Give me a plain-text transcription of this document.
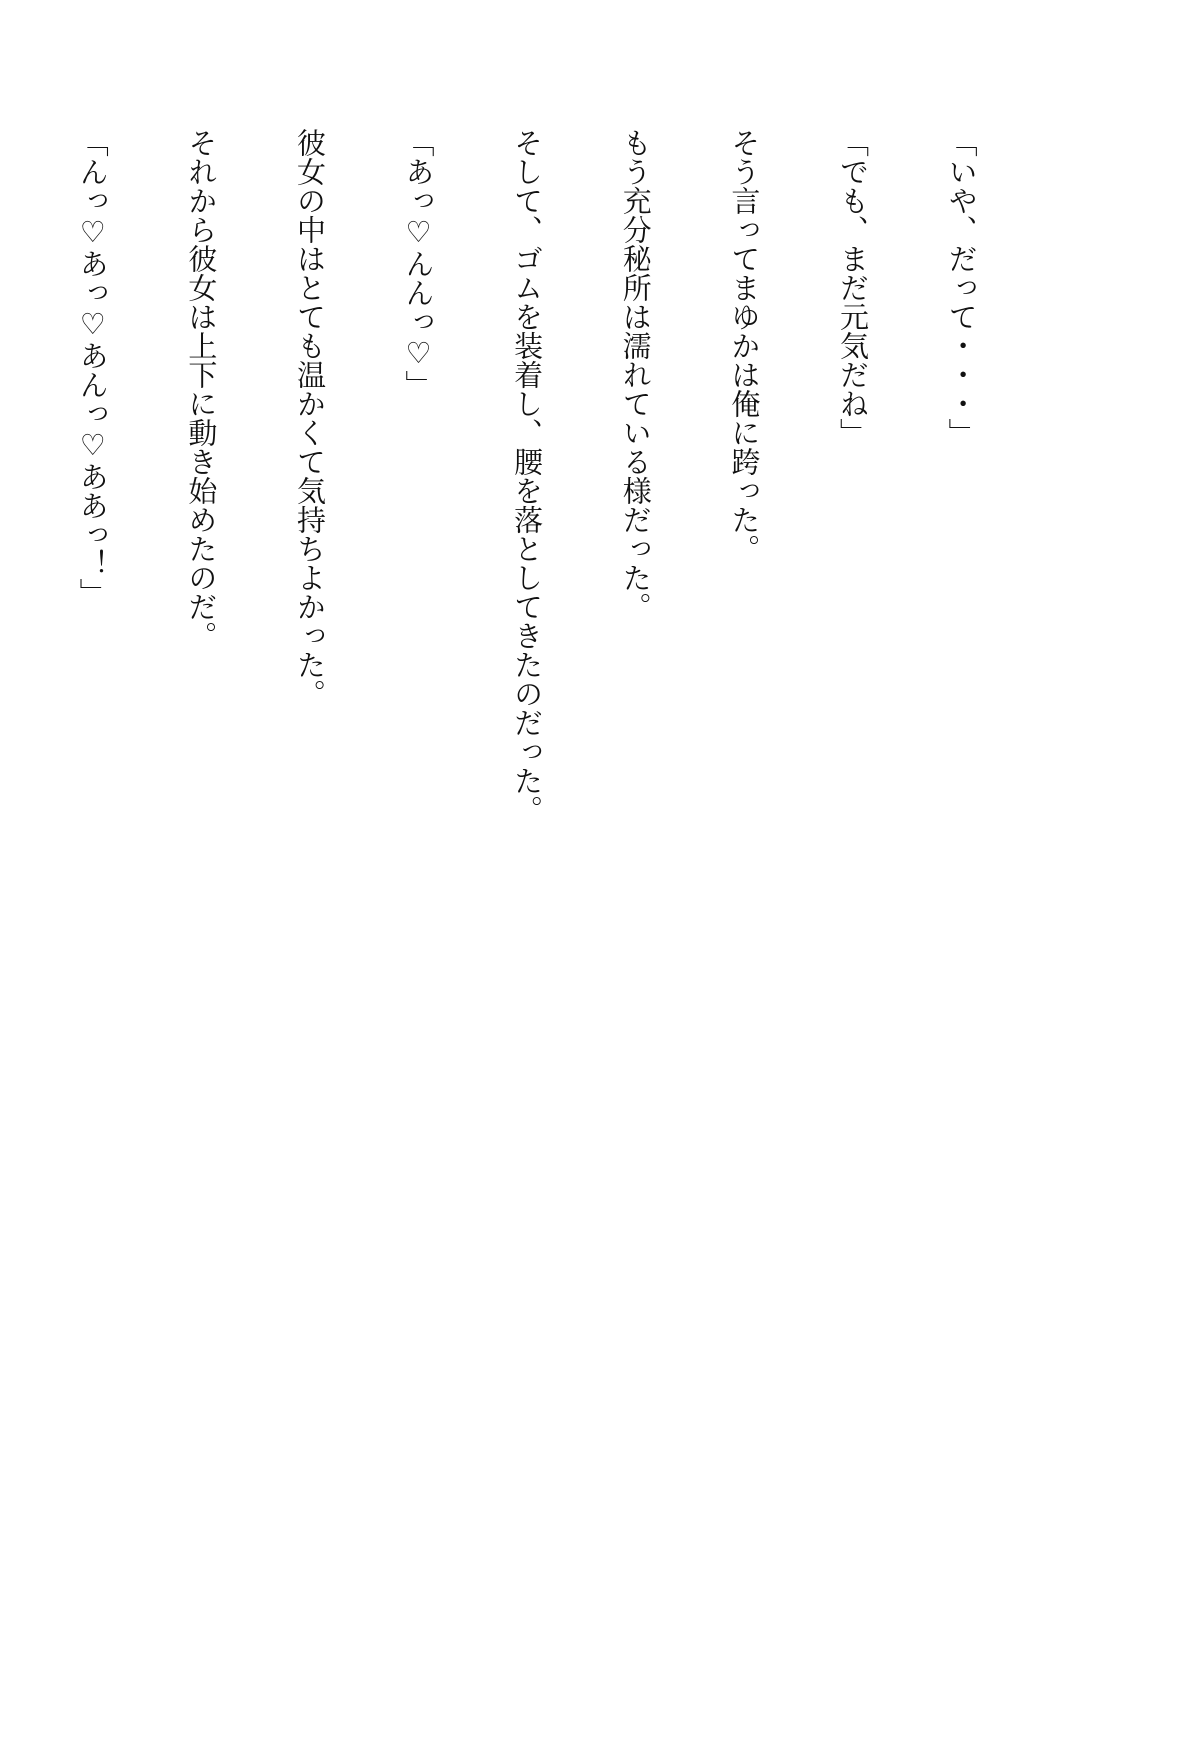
「いや、だって・・・」

「でも、まだ元気だね」

そう言ってまゆかは俺に跨った。

もう充分秘所は濡れている様だった。

そして、ゴムを装着し、腰を落としてきたのだった。

「あっ♡んんっ♡」

彼女の中はとても温かくて気持ちよかった。

それから彼女は上下に動き始めたのだ。

「んっ♡あっ♡あんっ♡ああっ！」
